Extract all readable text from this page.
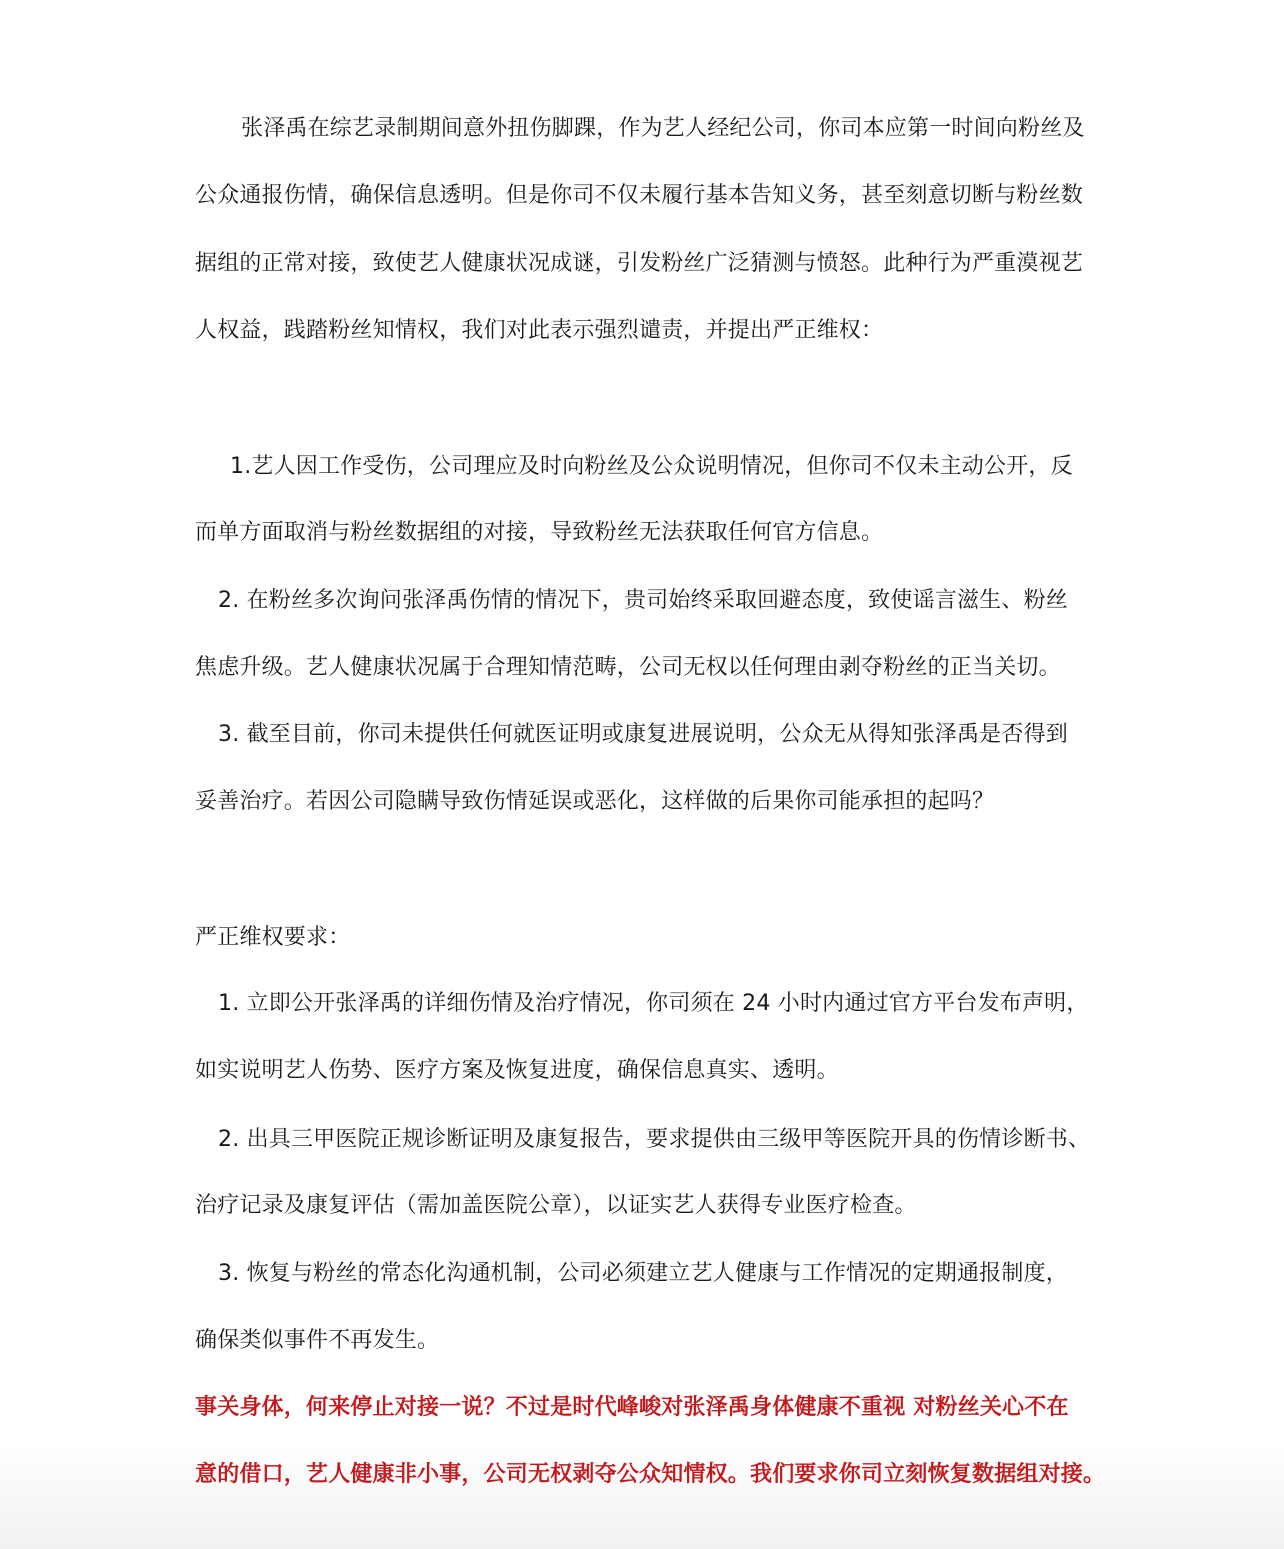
张泽禹在综艺录制期间意外扭伤脚踝，作为艺人经纪公司，你司本应第一时间向粉丝及
公众通报伤情，确保信息透明。但是你司不仅未履行基本告知义务，甚至刻意切断与粉丝数
据组的正常对接，致使艺人健康状况成谜，引发粉丝广泛猜测与愤怒。此种行为严重漠视艺
人权益，践踏粉丝知情权，我们对此表示强烈谴责，并提出严正维权：
1.艺人因工作受伤，公司理应及时向粉丝及公众说明情况，但你司不仅未主动公开，反
而单方面取消与粉丝数据组的对接，导致粉丝无法获取任何官方信息。
2. 在粉丝多次询问张泽禹伤情的情况下，贵司始终采取回避态度，致使谣言滋生、粉丝
焦虑升级。艺人健康状况属于合理知情范畴，公司无权以任何理由剥夺粉丝的正当关切。
3. 截至目前，你司未提供任何就医证明或康复进展说明，公众无从得知张泽禹是否得到
妥善治疗。若因公司隐瞒导致伤情延误或恶化，这样做的后果你司能承担的起吗？
严正维权要求：
1. 立即公开张泽禹的详细伤情及治疗情况，你司须在 24 小时内通过官方平台发布声明，
如实说明艺人伤势、医疗方案及恢复进度，确保信息真实、透明。
2. 出具三甲医院正规诊断证明及康复报告，要求提供由三级甲等医院开具的伤情诊断书、
治疗记录及康复评估（需加盖医院公章），以证实艺人获得专业医疗检查。
3. 恢复与粉丝的常态化沟通机制，公司必须建立艺人健康与工作情况的定期通报制度，
确保类似事件不再发生。
事关身体，何来停止对接一说？不过是时代峰峻对张泽禹身体健康不重视 对粉丝关心不在
意的借口，艺人健康非小事，公司无权剥夺公众知情权。我们要求你司立刻恢复数据组对接。
